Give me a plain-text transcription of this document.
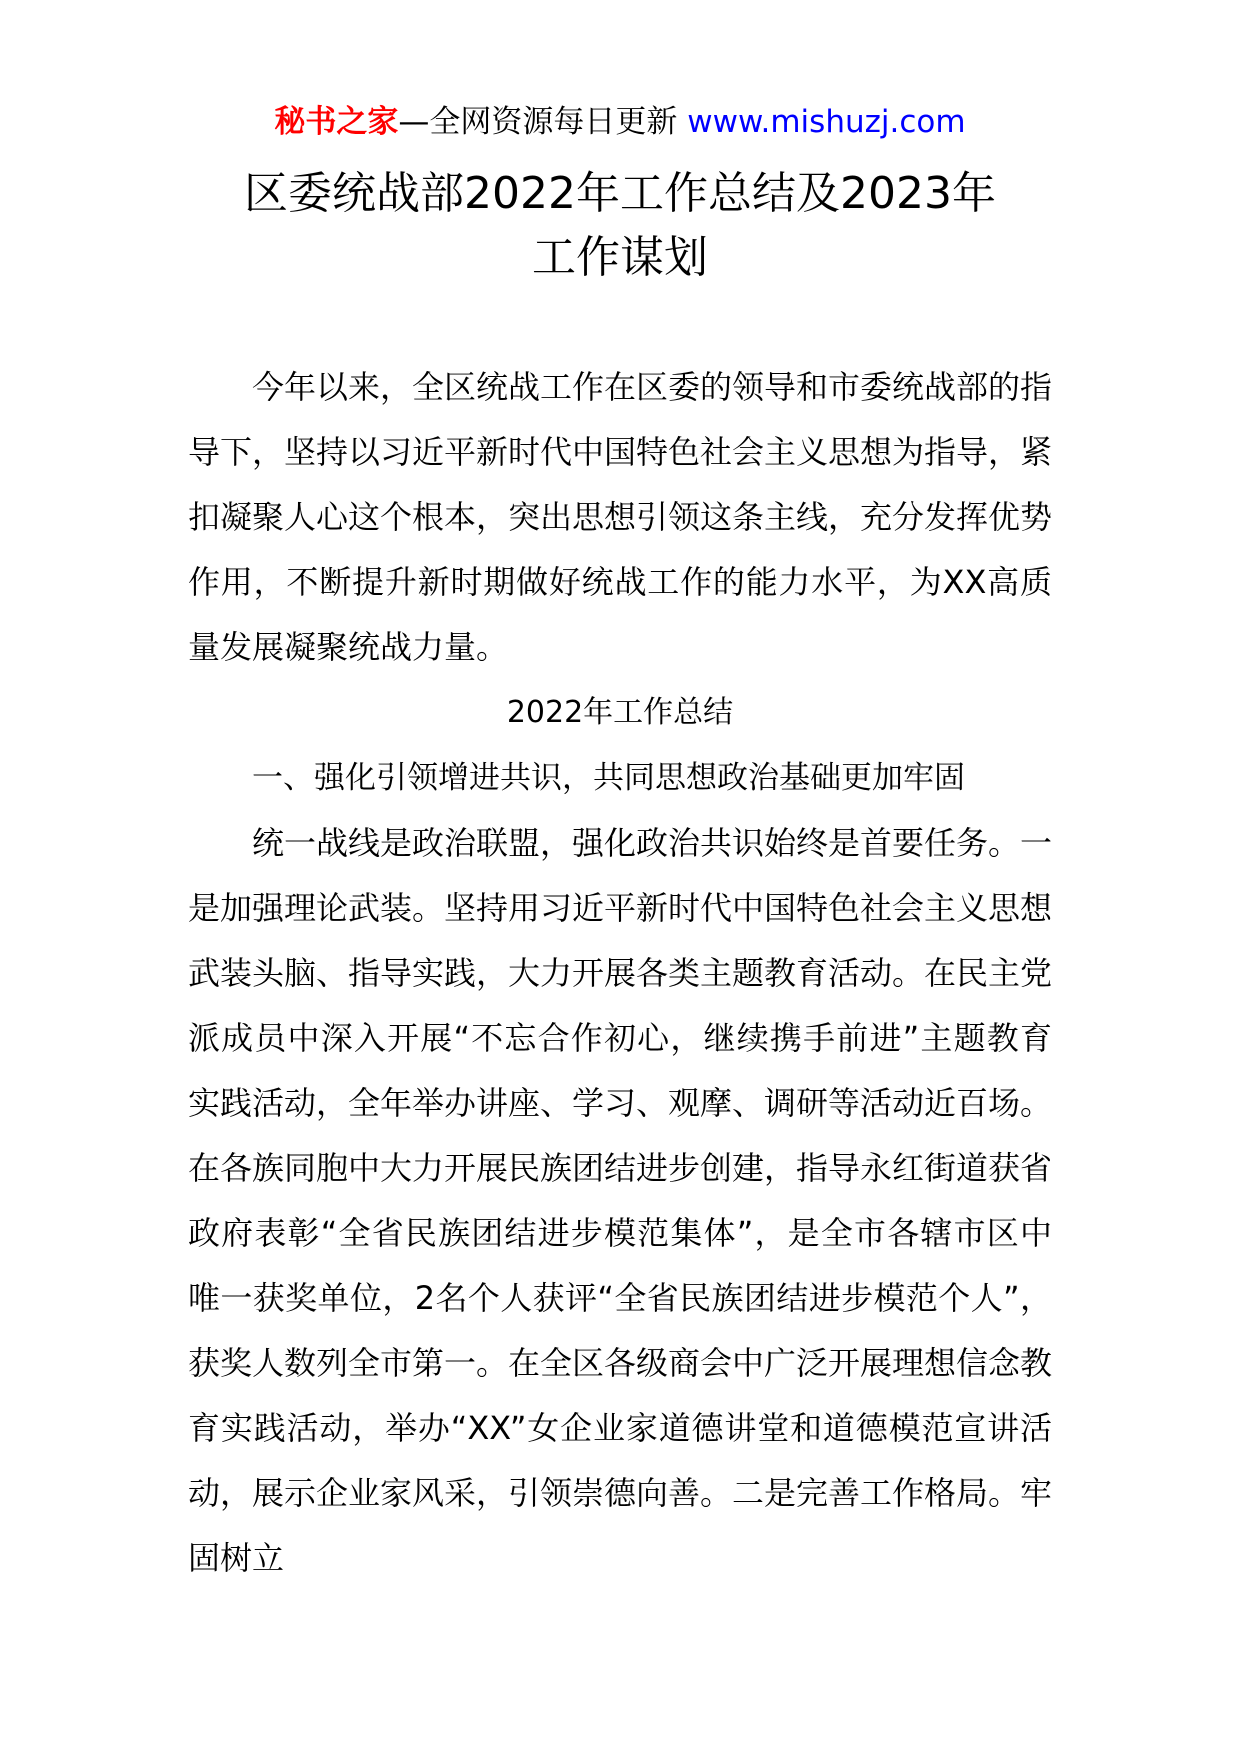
秘书之家—全网资源每日更新 www.mishuzj.com
区委统战部2022年工作总结及2023年
工作谋划

今年以来，全区统战工作在区委的领导和市委统战部的指导下，坚持以习近平新时代中国特色社会主义思想为指导，紧扣凝聚人心这个根本，突出思想引领这条主线，充分发挥优势作用，不断提升新时期做好统战工作的能力水平，为XX高质量发展凝聚统战力量。

2022年工作总结

一、强化引领增进共识，共同思想政治基础更加牢固

统一战线是政治联盟，强化政治共识始终是首要任务。一是加强理论武装。坚持用习近平新时代中国特色社会主义思想武装头脑、指导实践，大力开展各类主题教育活动。在民主党派成员中深入开展“不忘合作初心，继续携手前进”主题教育实践活动，全年举办讲座、学习、观摩、调研等活动近百场。在各族同胞中大力开展民族团结进步创建，指导永红街道获省政府表彰“全省民族团结进步模范集体”，是全市各辖市区中唯一获奖单位，2名个人获评“全省民族团结进步模范个人”，获奖人数列全市第一。在全区各级商会中广泛开展理想信念教育实践活动，举办“XX”女企业家道德讲堂和道德模范宣讲活动，展示企业家风采，引领崇德向善。二是完善工作格局。牢固树立
